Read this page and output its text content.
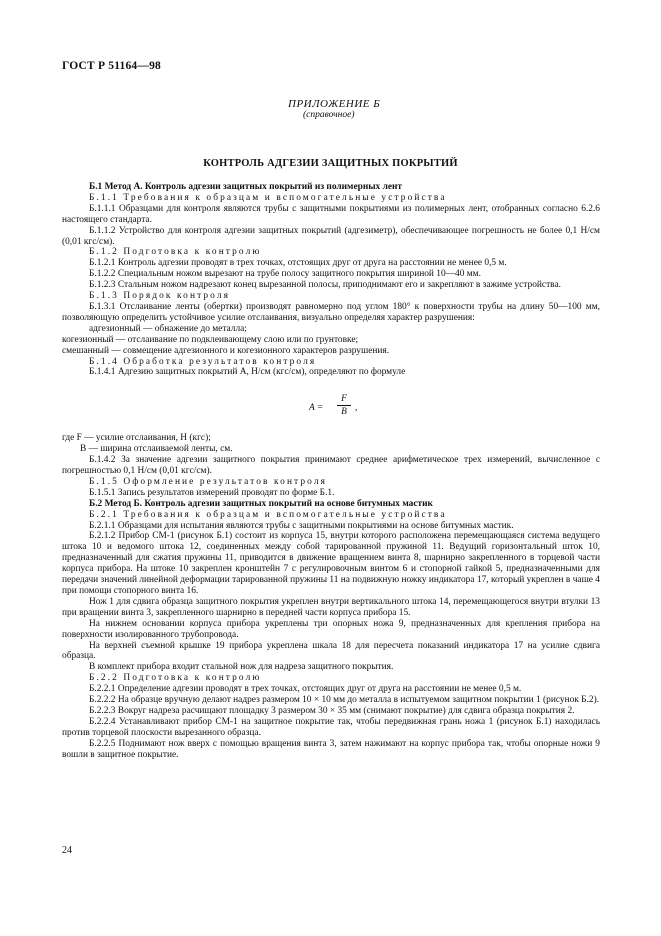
ГОСТ Р 51164—98
ПРИЛОЖЕНИЕ Б
(справочное)
КОНТРОЛЬ АДГЕЗИИ ЗАЩИТНЫХ ПОКРЫТИЙ

Б.1 Метод А. Контроль адгезии защитных покрытий из полимерных лент

Б.1.1 Требования к образцам и вспомогательные устройства

Б.1.1.1 Образцами для контроля являются трубы с защитными покрытиями из полимерных лент, отобранных согласно 6.2.6 настоящего стандарта.

Б.1.1.2 Устройство для контроля адгезии защитных покрытий (адгезиметр), обеспечивающее погрешность не более 0,1 Н/см (0,01 кгс/см).

Б.1.2 Подготовка к контролю

Б.1.2.1 Контроль адгезии проводят в трех точках, отстоящих друг от друга на расстоянии не менее 0,5 м.

Б.1.2.2 Специальным ножом вырезают на трубе полосу защитного покрытия шириной 10—40 мм.

Б.1.2.3 Стальным ножом надрезают конец вырезанной полосы, приподнимают его и закрепляют в зажиме устройства.

Б.1.3 Порядок контроля

Б.1.3.1 Отслаивание ленты (обертки) производят равномерно под углом 180° к поверхности трубы на длину 50—100 мм, позволяющую определить устойчивое усилие отслаивания, визуально определяя характер разрушения:

адгезионный — обнажение до металла;

когезионный — отслаивание по подклеивающему слою или по грунтовке;

смешанный — совмещение адгезионного и когезионного характеров разрушения.

Б.1.4 Обработка результатов контроля

Б.1.4.1 Адгезию защитных покрытий А, Н/см (кгс/см), определяют по формуле

$A = \frac{F}{B}$ ,

где F — усилие отслаивания, Н (кгс);

B — ширина отслаиваемой ленты, см.

Б.1.4.2 За значение адгезии защитного покрытия принимают среднее арифметическое трех измерений, вычисленное с погрешностью 0,1 Н/см (0,01 кгс/см).

Б.1.5 Оформление результатов контроля

Б.1.5.1 Запись результатов измерений проводят по форме Б.1.

Б.2 Метод Б. Контроль адгезии защитных покрытий на основе битумных мастик

Б.2.1 Требования к образцам и вспомогательные устройства

Б.2.1.1 Образцами для испытания являются трубы с защитными покрытиями на основе битумных мастик.

Б.2.1.2 Прибор СМ-1 (рисунок Б.1) состоит из корпуса 15, внутри которого расположена перемещающаяся система ведущего штока 10 и ведомого штока 12, соединенных между собой тарированной пружиной 11. Ведущий горизонтальный шток 10, предназначенный для сжатия пружины 11, приводится в движение вращением винта 8, шарнирно закрепленного в торцевой части корпуса прибора. На штоке 10 закреплен кронштейн 7 с регулировочным винтом 6 и стопорной гайкой 5, предназначенными для передачи значений линейной деформации тарированной пружины 11 на подвижную ножку индикатора 17, который укреплен в чаше 4 при помощи стопорного винта 16.

Нож 1 для сдвига образца защитного покрытия укреплен внутри вертикального штока 14, перемещающегося внутри втулки 13 при вращении винта 3, закрепленного шарнирно в передней части корпуса прибора 15.

На нижнем основании корпуса прибора укреплены три опорных ножа 9, предназначенных для крепления прибора на поверхности изолированного трубопровода.

На верхней съемной крышке 19 прибора укреплена шкала 18 для пересчета показаний индикатора 17 на усилие сдвига образца.

В комплект прибора входит стальной нож для надреза защитного покрытия.

Б.2.2 Подготовка к контролю

Б.2.2.1 Определение адгезии проводят в трех точках, отстоящих друг от друга на расстоянии не менее 0,5 м.

Б.2.2.2 На образце вручную делают надрез размером 10 × 10 мм до металла в испытуемом защитном покрытии 1 (рисунок Б.2).

Б.2.2.3 Вокруг надреза расчищают площадку 3 размером 30 × 35 мм (снимают покрытие) для сдвига образца покрытия 2.

Б.2.2.4 Устанавливают прибор СМ-1 на защитное покрытие так, чтобы передвижная грань ножа 1 (рисунок Б.1) находилась против торцевой плоскости вырезанного образца.

Б.2.2.5 Поднимают нож вверх с помощью вращения винта 3, затем нажимают на корпус прибора так, чтобы опорные ножи 9 вошли в защитное покрытие.

24
